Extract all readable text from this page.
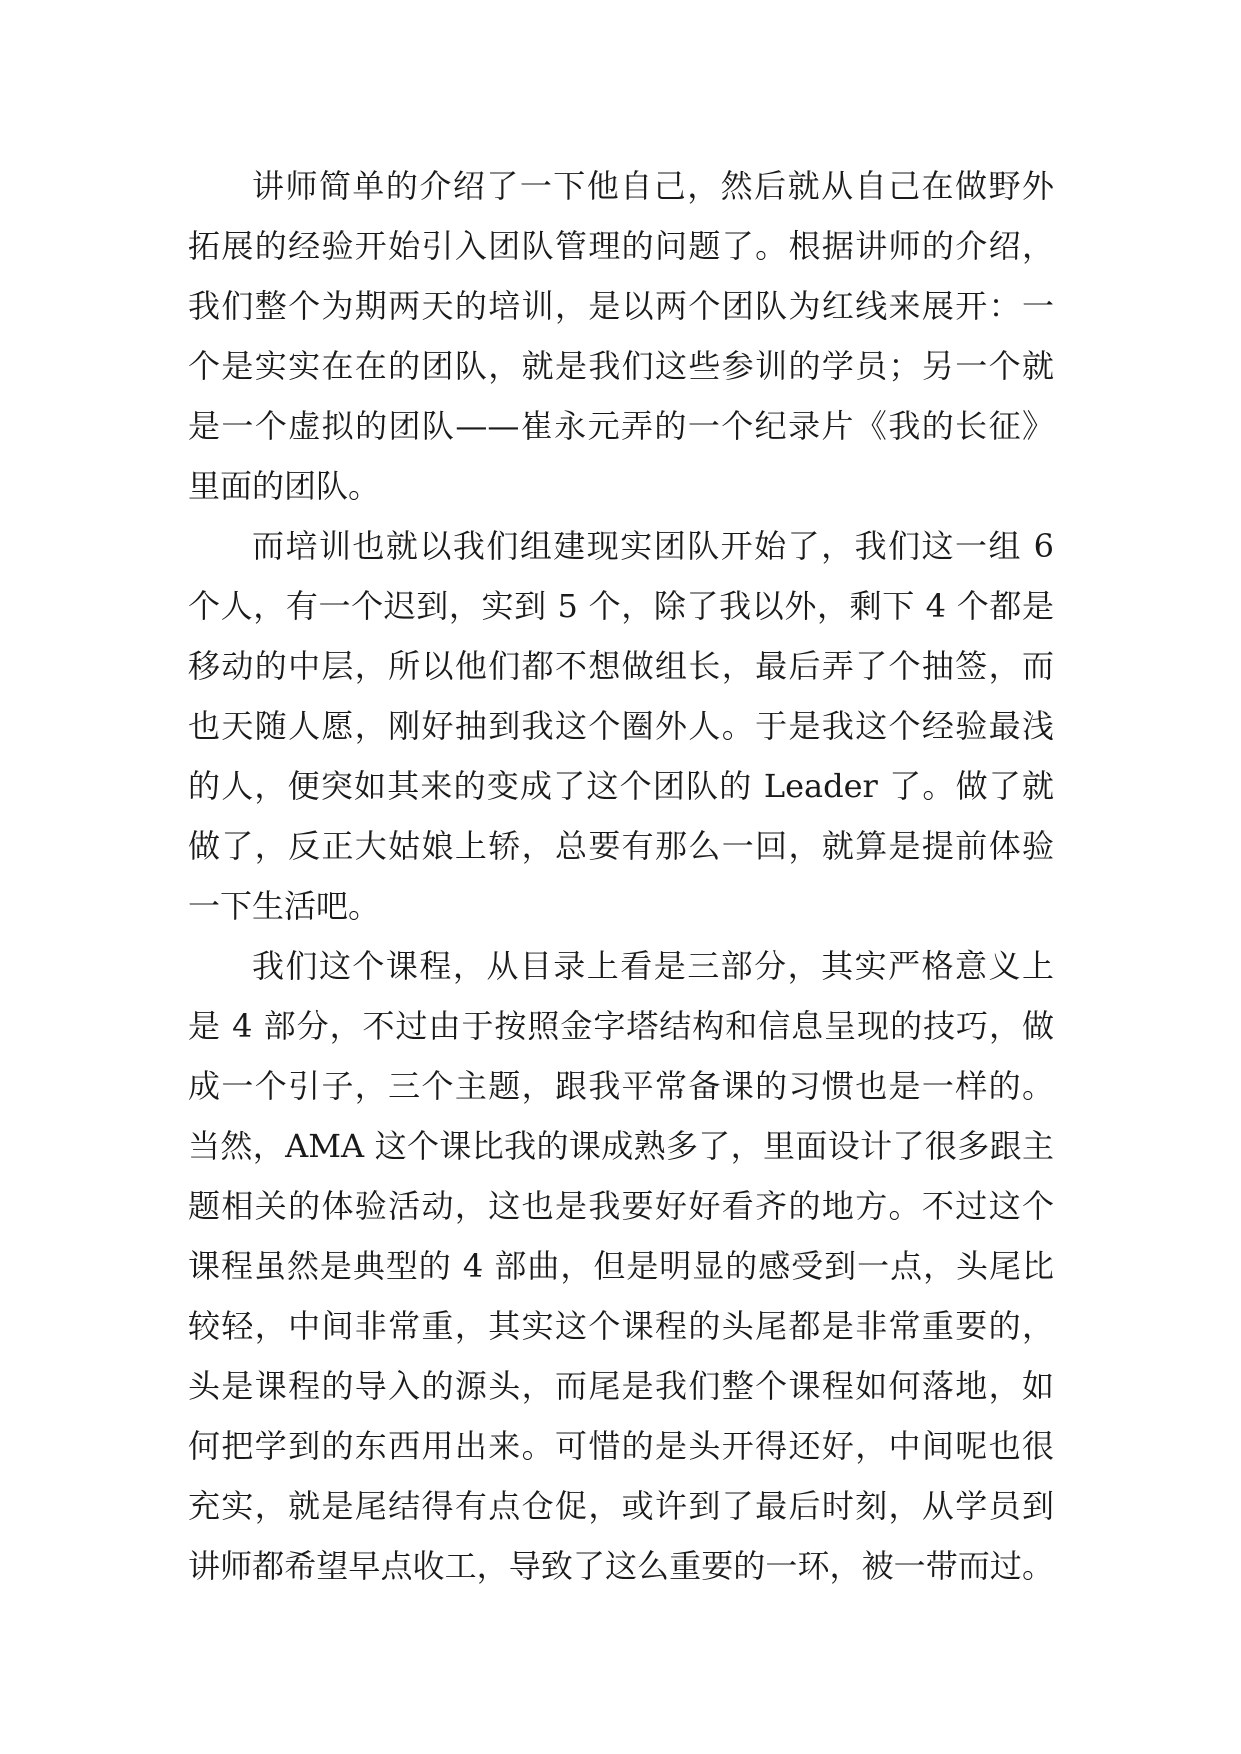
讲师简单的介绍了一下他自己，然后就从自己在做野外
拓展的经验开始引入团队管理的问题了。根据讲师的介绍，
我们整个为期两天的培训，是以两个团队为红线来展开：一
个是实实在在的团队，就是我们这些参训的学员；另一个就
是一个虚拟的团队——崔永元弄的一个纪录片《我的长征》
里面的团队。
而培训也就以我们组建现实团队开始了，我们这一组 6
个人，有一个迟到，实到 5 个，除了我以外，剩下 4 个都是
移动的中层，所以他们都不想做组长，最后弄了个抽签，而
也天随人愿，刚好抽到我这个圈外人。于是我这个经验最浅
的人，便突如其来的变成了这个团队的 Leader 了。做了就
做了，反正大姑娘上轿，总要有那么一回，就算是提前体验
一下生活吧。
我们这个课程，从目录上看是三部分，其实严格意义上
是 4 部分，不过由于按照金字塔结构和信息呈现的技巧，做
成一个引子，三个主题，跟我平常备课的习惯也是一样的。
当然，AMA 这个课比我的课成熟多了，里面设计了很多跟主
题相关的体验活动，这也是我要好好看齐的地方。不过这个
课程虽然是典型的 4 部曲，但是明显的感受到一点，头尾比
较轻，中间非常重，其实这个课程的头尾都是非常重要的，
头是课程的导入的源头，而尾是我们整个课程如何落地，如
何把学到的东西用出来。可惜的是头开得还好，中间呢也很
充实，就是尾结得有点仓促，或许到了最后时刻，从学员到
讲师都希望早点收工，导致了这么重要的一环，被一带而过。
